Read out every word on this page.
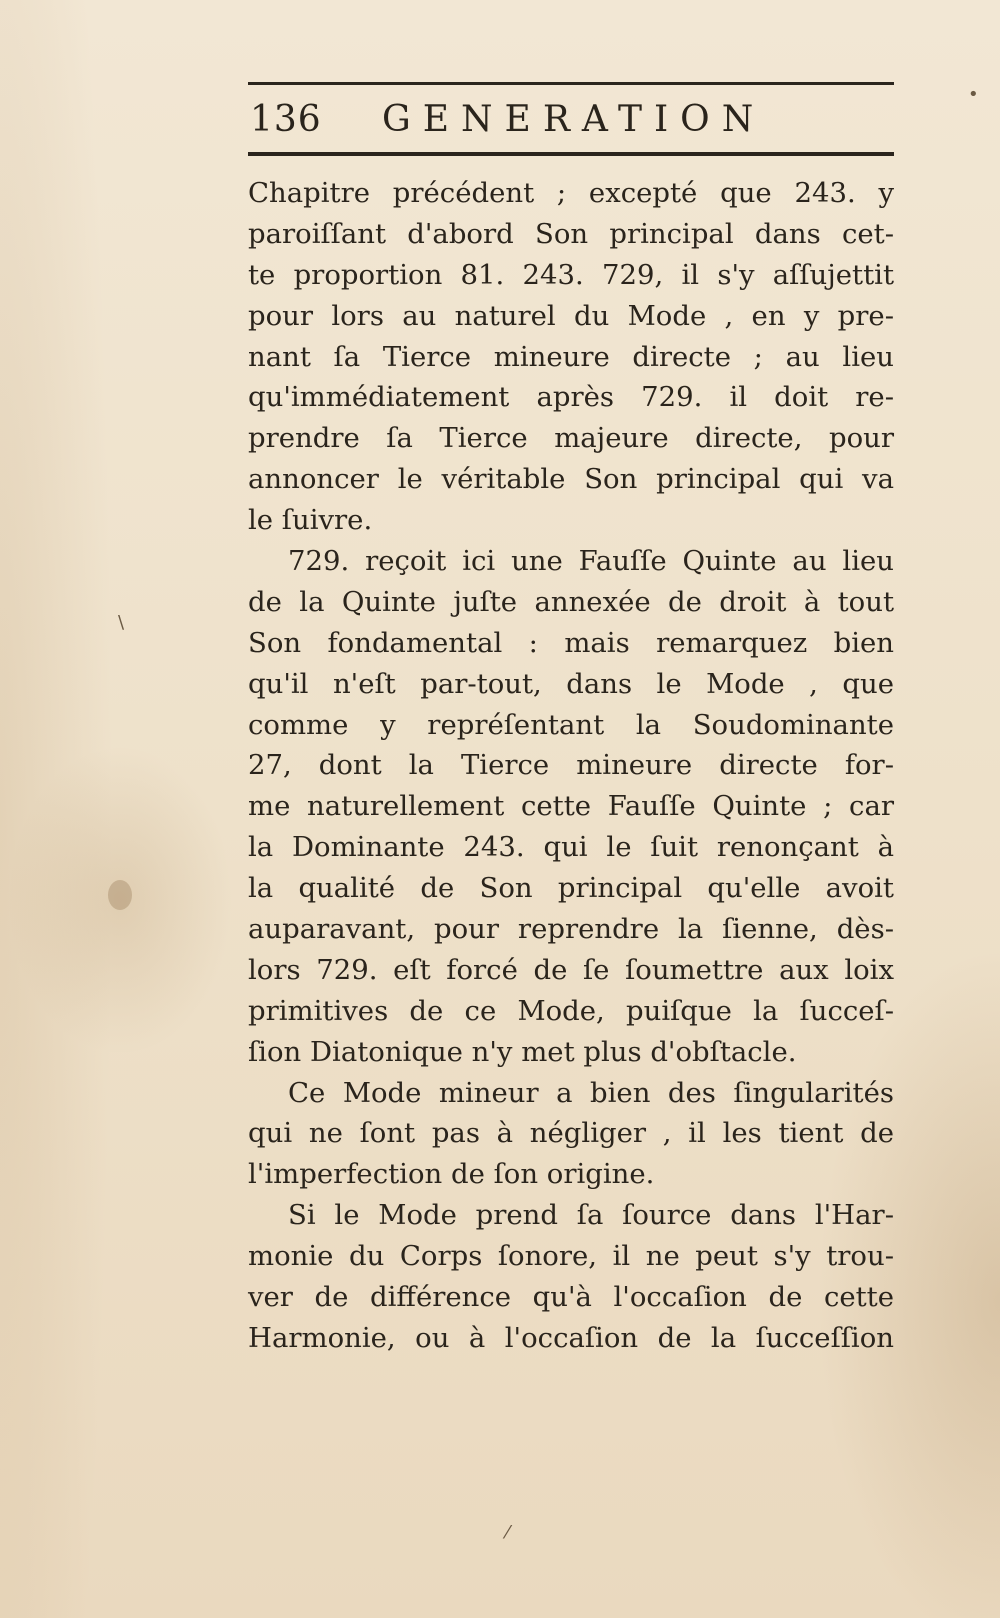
•
\
⁄
136 GENERATION
Chapitre précédent ; excepté que 243. y
paroiſſant d'abord Son principal dans cet-
te proportion 81. 243. 729, il s'y aſſujettit
pour lors au naturel du Mode , en y pre-
nant ſa Tierce mineure directe ; au lieu
qu'immédiatement après 729. il doit re-
prendre ſa Tierce majeure directe, pour
annoncer le véritable Son principal qui va
le ſuivre.
729. reçoit ici une Fauſſe Quinte au lieu
de la Quinte juſte annexée de droit à tout
Son fondamental : mais remarquez bien
qu'il n'eſt par-tout, dans le Mode , que
comme y repréſentant la Soudominante
27, dont la Tierce mineure directe for-
me naturellement cette Fauſſe Quinte ; car
la Dominante 243. qui le ſuit renonçant à
la qualité de Son principal qu'elle avoit
auparavant, pour reprendre la ſienne, dès-
lors 729. eſt forcé de ſe ſoumettre aux loix
primitives de ce Mode, puiſque la ſucceſ-
ſion Diatonique n'y met plus d'obſtacle.
Ce Mode mineur a bien des ſingularités
qui ne ſont pas à négliger , il les tient de
l'imperfection de ſon origine.
Si le Mode prend ſa ſource dans l'Har-
monie du Corps ſonore, il ne peut s'y trou-
ver de différence qu'à l'occaſion de cette
Harmonie, ou à l'occaſion de la ſucceſſion
